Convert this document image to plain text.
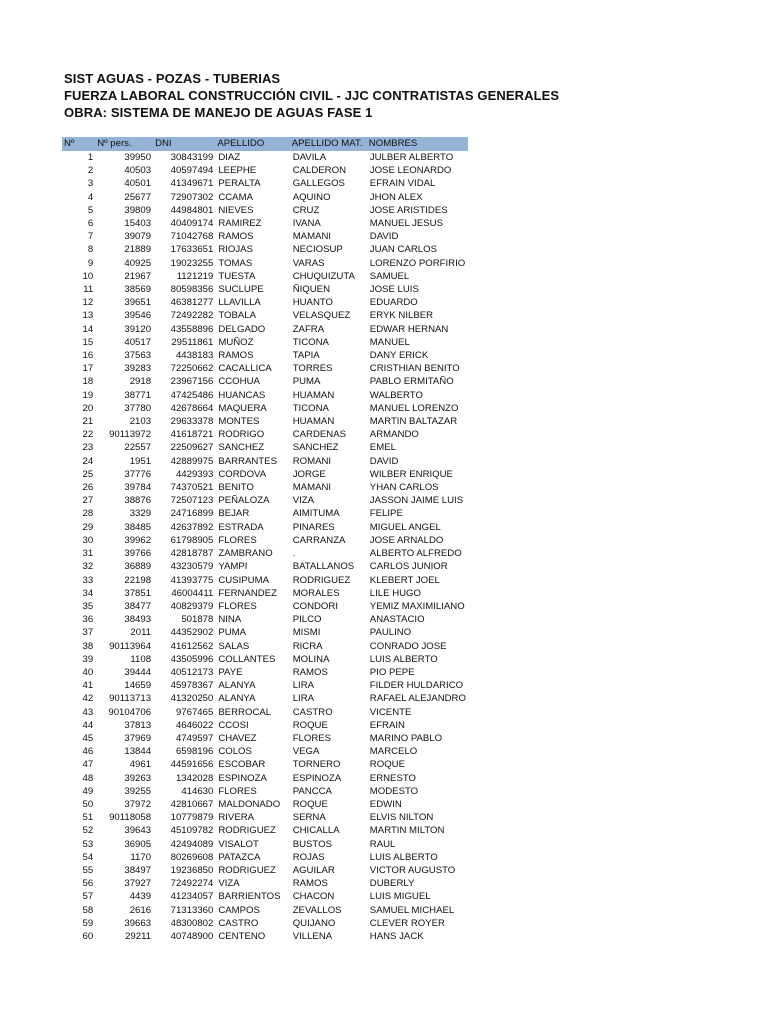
SIST AGUAS - POZAS - TUBERIAS
FUERZA LABORAL CONSTRUCCIÓN CIVIL - JJC CONTRATISTAS GENERALES
OBRA: SISTEMA DE MANEJO DE AGUAS FASE 1
Nº	Nº pers.	DNI	APELLIDO	APELLIDO MAT.	NOMBRES
1	39950	30843199	DIAZ	DAVILA	JULBER ALBERTO
2	40503	40597494	LEEPHE	CALDERON	JOSE LEONARDO
3	40501	41349671	PERALTA	GALLEGOS	EFRAIN VIDAL
4	25677	72907302	CCAMA	AQUINO	JHON ALEX
5	39809	44984801	NIEVES	CRUZ	JOSE ARISTIDES
6	15403	40409174	RAMIREZ	IVANA	MANUEL JESUS
7	39079	71042768	RAMOS	MAMANI	DAVID
8	21889	17633651	RIOJAS	NECIOSUP	JUAN CARLOS
9	40925	19023255	TOMAS	VARAS	LORENZO PORFIRIO
10	21967	1121219	TUESTA	CHUQUIZUTA	SAMUEL
11	38569	80598356	SUCLUPE	ÑIQUEN	JOSE LUIS
12	39651	46381277	LLAVILLA	HUANTO	EDUARDO
13	39546	72492282	TOBALA	VELASQUEZ	ERYK NILBER
14	39120	43558896	DELGADO	ZAFRA	EDWAR HERNAN
15	40517	29511861	MUÑOZ	TICONA	MANUEL
16	37563	4438183	RAMOS	TAPIA	DANY ERICK
17	39283	72250662	CACALLICA	TORRES	CRISTHIAN BENITO
18	2918	23967156	CCOHUA	PUMA	PABLO ERMITAÑO
19	38771	47425486	HUANCAS	HUAMAN	WALBERTO
20	37780	42678664	MAQUERA	TICONA	MANUEL LORENZO
21	2103	29633378	MONTES	HUAMAN	MARTIN BALTAZAR
22	90113972	41618721	RODRIGO	CARDENAS	ARMANDO
23	22557	22509627	SANCHEZ	SANCHEZ	EMEL
24	1951	42889975	BARRANTES	ROMANI	DAVID
25	37776	4429393	CORDOVA	JORGE	WILBER ENRIQUE
26	39784	74370521	BENITO	MAMANI	YHAN CARLOS
27	38876	72507123	PEÑALOZA	VIZA	JASSON JAIME LUIS
28	3329	24716899	BEJAR	AIMITUMA	FELIPE
29	38485	42637892	ESTRADA	PINARES	MIGUEL ANGEL
30	39962	61798905	FLORES	CARRANZA	JOSE ARNALDO
31	39766	42818787	ZAMBRANO	.	ALBERTO ALFREDO
32	36889	43230579	YAMPI	BATALLANOS	CARLOS JUNIOR
33	22198	41393775	CUSIPUMA	RODRIGUEZ	KLEBERT JOEL
34	37851	46004411	FERNANDEZ	MORALES	LILE HUGO
35	38477	40829379	FLORES	CONDORI	YEMIZ MAXIMILIANO
36	38493	501878	NINA	PILCO	ANASTACIO
37	2011	44352902	PUMA	MISMI	PAULINO
38	90113964	41612562	SALAS	RICRA	CONRADO JOSE
39	1108	43505996	COLLANTES	MOLINA	LUIS ALBERTO
40	39444	40512173	PAYE	RAMOS	PIO PEPE
41	14659	45978367	ALANYA	LIRA	FILDER HULDARICO
42	90113713	41320250	ALANYA	LIRA	RAFAEL ALEJANDRO
43	90104706	9767465	BERROCAL	CASTRO	VICENTE
44	37813	4646022	CCOSI	ROQUE	EFRAIN
45	37969	4749597	CHAVEZ	FLORES	MARINO PABLO
46	13844	6598196	COLOS	VEGA	MARCELO
47	4961	44591656	ESCOBAR	TORNERO	ROQUE
48	39263	1342028	ESPINOZA	ESPINOZA	ERNESTO
49	39255	414630	FLORES	PANCCA	MODESTO
50	37972	42810667	MALDONADO	ROQUE	EDWIN
51	90118058	10779879	RIVERA	SERNA	ELVIS NILTON
52	39643	45109782	RODRIGUEZ	CHICALLA	MARTIN MILTON
53	36905	42494089	VISALOT	BUSTOS	RAUL
54	1170	80269608	PATAZCA	ROJAS	LUIS ALBERTO
55	38497	19236850	RODRIGUEZ	AGUILAR	VICTOR AUGUSTO
56	37927	72492274	VIZA	RAMOS	DUBERLY
57	4439	41234057	BARRIENTOS	CHACON	LUIS MIGUEL
58	2616	71313360	CAMPOS	ZEVALLOS	SAMUEL MICHAEL
59	39663	48300802	CASTRO	QUIJANO	CLEVER ROYER
60	29211	40748900	CENTENO	VILLENA	HANS JACK
